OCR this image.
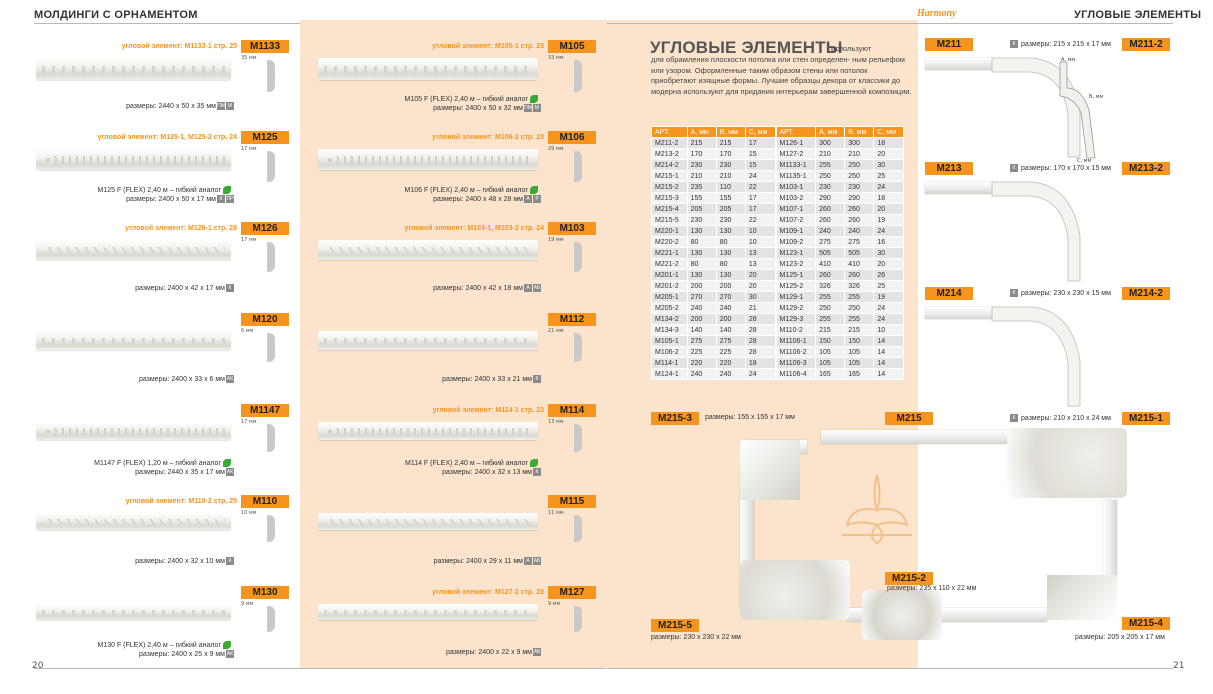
МОЛДИНГИ С ОРНАМЕНТОМ
угловой элемент: M1133-1 стр. 25	M1133
35 мм
размеры: 2440 x 50 x 35 ммПМ М
угловой элемент: M125-1, M125-2 стр. 24	M125
17 мм
M125 F (FLEX) 2,40 м – гибкий аналог
размеры: 2400 x 50 x 17 мм К ПР
угловой элемент: M126-1 стр. 28	M126
17 мм
размеры: 2400 x 42 x 17 мм К
M120
6 мм
размеры: 2400 x 33 x 6 мм АК
M1147
17 мм
M1147 F (FLEX) 1,20 м – гибкий аналог
размеры: 2440 x 35 x 17 мм АК
угловой элемент: M110-2 стр. 25	M110
10 мм
размеры: 2400 x 32 x 10 мм К
M130
9 мм
M130 F (FLEX) 2,40 м – гибкий аналог
размеры: 2400 x 25 x 9 мм АК
угловой элемент: M105-1 стр. 23	M105
33 мм
M105 F (FLEX) 2,40 м – гибкий аналог
размеры: 2400 x 50 x 32 ммПМ М
угловой элемент: M106-2 стр. 23	M106
29 мм
M106 F (FLEX) 2,40 м – гибкий аналог
размеры: 2400 x 48 x 28 мм А Р
угловой элемент: M103-1, M103-2 стр. 24	M103
19 мм
размеры: 2400 x 42 x 18 мм А АБ
M112
21 мм
размеры: 2400 x 33 x 21 мм К
угловой элемент: M114-1 стр. 23	M114
13 мм
M114 F (FLEX) 2,40 м – гибкий аналог
размеры: 2400 x 32 x 13 мм К
M115
11 мм
размеры: 2400 x 29 x 11 мм А АБ
угловой элемент: M127-2 стр. 23	M127
9 мм
размеры: 2400 x 22 x 9 мм АБ
20
Harmony	УГЛОВЫЕ ЭЛЕМЕНТЫ
УГЛОВЫЕ ЭЛЕМЕНТЫ
используют
для обрамления плоскости потолка или стен определен- ным рельефом или узором. Оформленные таким образом стены или потолок приобретают изящные формы. Лучшие образцы декора от классики до модерна используют для придания интерьерам завершенной композиции.
АРТ.	A, мм	B, мм	C, мм	АРТ.	A, мм	B, мм	C, мм
M211-2	215	215	17	M126-1	300	300	18
M213-2	170	170	15	M127-2	210	210	20
M214-2	230	230	15	M1133-1	255	250	30
M215-1	210	210	24	M1135-1	250	250	25
M215-2	235	110	22	M103-1	230	230	24
M215-3	155	155	17	M103-2	290	290	18
M215-4	205	205	17	M107-1	260	260	20
M215-5	230	230	22	M107-2	260	260	19
M220-1	130	130	10	M109-1	240	240	24
M220-2	80	80	10	M109-2	275	275	16
M221-1	130	130	13	M123-1	505	505	30
M221-2	80	80	13	M123-2	410	410	20
M201-1	130	130	20	M125-1	260	260	26
M201-2	200	200	20	M125-2	326	326	25
M205-1	270	270	30	M129-1	255	255	19
M205-2	240	240	21	M129-2	250	250	24
M134-2	200	200	28	M129-3	255	255	24
M134-3	140	140	28	M110-2	215	215	10
M105-1	275	275	28	M1106-1	150	150	14
M106-2	225	225	28	M1106-2	105	105	14
M114-1	220	220	18	M1106-3	105	105	14
M124-1	240	240	24	M1106-4	165	165	14
M211	M211-2
К размеры: 215 x 215 x 17 мм
M213	M213-2
К размеры: 170 x 170 x 15 мм
M214	M214-2
К размеры: 230 x 230 x 15 мм
К размеры: 210 x 210 x 24 мм
A, мм
B, мм
C, мм
M215-3	размеры: 155 x 155 x 17 мм	M215	M215-1
M215-5
размеры: 230 x 230 x 22 мм
M215-2
размеры: 235 x 110 x 22 мм
M215-4
размеры: 205 x 205 x 17 мм
21
